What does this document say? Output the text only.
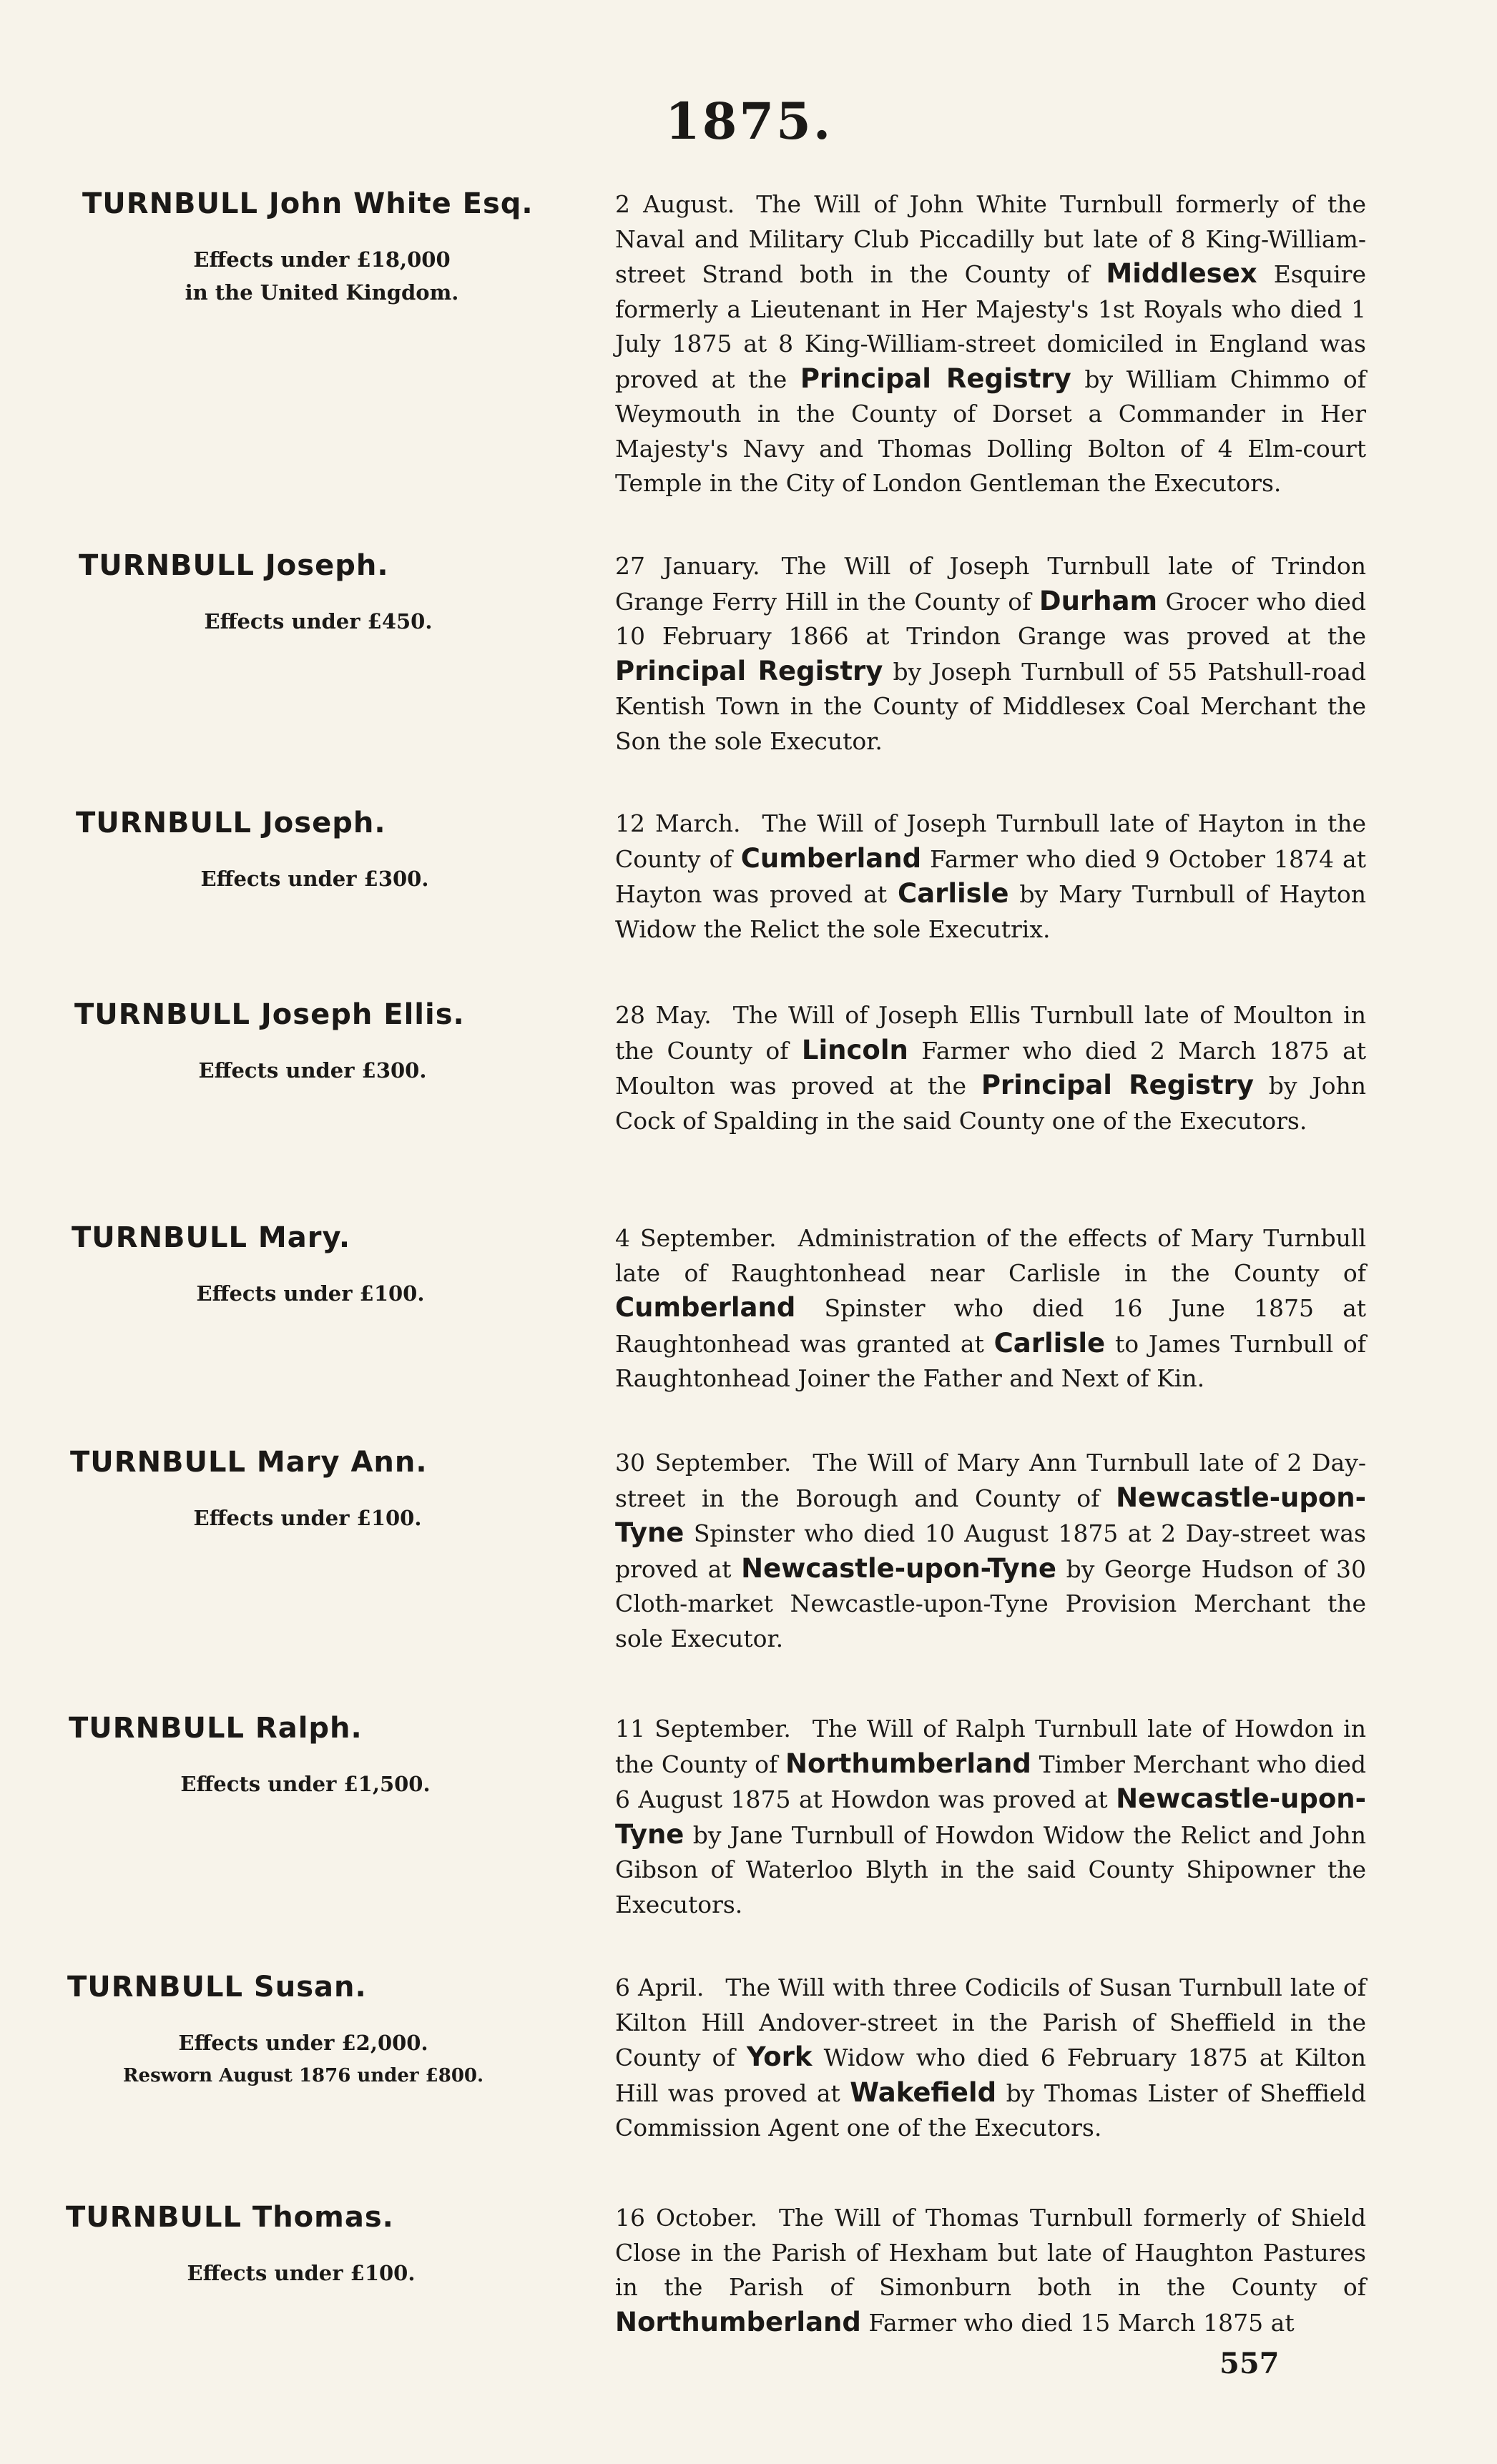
1875.
TURNBULL John White Esq.
Effects under £18,000
in the United Kingdom.

2 August. The Will of John White Turnbull formerly of the Naval and Military Club Piccadilly but late of 8 King-William-street Strand both in the County of Middlesex Esquire formerly a Lieutenant in Her Majesty's 1st Royals who died 1 July 1875 at 8 King-William-street domiciled in England was proved at the Principal Registry by William Chimmo of Weymouth in the County of Dorset a Commander in Her Majesty's Navy and Thomas Dolling Bolton of 4 Elm-court Temple in the City of London Gentleman the Executors.

TURNBULL Joseph.
Effects under £450.

27 January. The Will of Joseph Turnbull late of Trindon Grange Ferry Hill in the County of Durham Grocer who died 10 February 1866 at Trindon Grange was proved at the Principal Registry by Joseph Turnbull of 55 Patshull-road Kentish Town in the County of Middlesex Coal Merchant the Son the sole Executor.

TURNBULL Joseph.
Effects under £300.

12 March. The Will of Joseph Turnbull late of Hayton in the County of Cumberland Farmer who died 9 October 1874 at Hayton was proved at Carlisle by Mary Turnbull of Hayton Widow the Relict the sole Executrix.

TURNBULL Joseph Ellis.
Effects under £300.

28 May. The Will of Joseph Ellis Turnbull late of Moulton in the County of Lincoln Farmer who died 2 March 1875 at Moulton was proved at the Principal Registry by John Cock of Spalding in the said County one of the Executors.

TURNBULL Mary.
Effects under £100.

4 September. Administration of the effects of Mary Turnbull late of Raughtonhead near Carlisle in the County of Cumberland Spinster who died 16 June 1875 at Raughtonhead was granted at Carlisle to James Turnbull of Raughtonhead Joiner the Father and Next of Kin.

TURNBULL Mary Ann.
Effects under £100.

30 September. The Will of Mary Ann Turnbull late of 2 Day-street in the Borough and County of Newcastle-upon-Tyne Spinster who died 10 August 1875 at 2 Day-street was proved at Newcastle-upon-Tyne by George Hudson of 30 Cloth-market Newcastle-upon-Tyne Provision Merchant the sole Executor.

TURNBULL Ralph.
Effects under £1,500.

11 September. The Will of Ralph Turnbull late of Howdon in the County of Northumberland Timber Merchant who died 6 August 1875 at Howdon was proved at Newcastle-upon-Tyne by Jane Turnbull of Howdon Widow the Relict and John Gibson of Waterloo Blyth in the said County Shipowner the Executors.

TURNBULL Susan.
Effects under £2,000.
Resworn August 1876 under £800.

6 April. The Will with three Codicils of Susan Turnbull late of Kilton Hill Andover-street in the Parish of Sheffield in the County of York Widow who died 6 February 1875 at Kilton Hill was proved at Wakefield by Thomas Lister of Sheffield Commission Agent one of the Executors.

TURNBULL Thomas.
Effects under £100.

16 October. The Will of Thomas Turnbull formerly of Shield Close in the Parish of Hexham but late of Haughton Pastures in the Parish of Simonburn both in the County of Northumberland Farmer who died 15 March 1875 at

557
